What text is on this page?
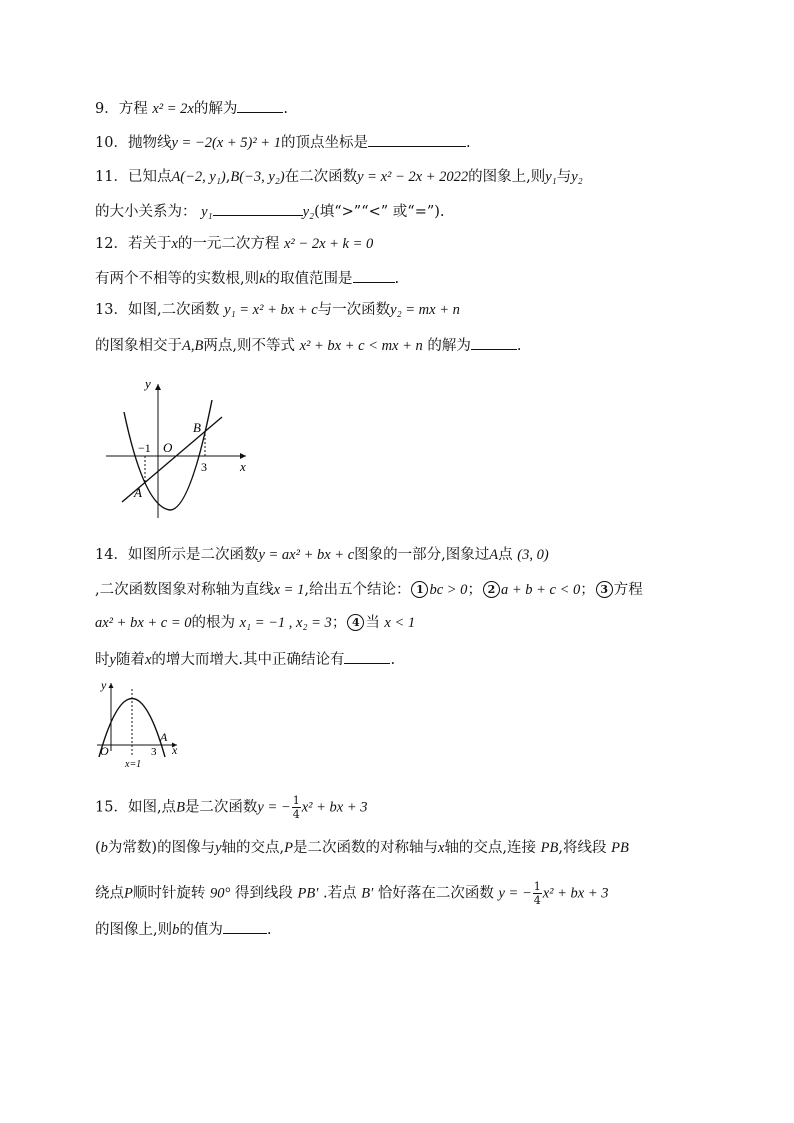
9．方程 x² = 2x的解为	.
10．抛物线y = −2(x + 5)² + 1的顶点坐标是	.
11．已知点A(−2, y₁),B(−3, y₂)在二次函数y = x² − 2x + 2022的图象上,则y₁与y₂
的大小关系为： y₁	y₂(填“>”“<” 或“=”).
12．若关于x的一元二次方程 x² − 2x + k = 0
有两个不相等的实数根,则k的取值范围是	.
13．如图,二次函数 y₁ = x² + bx + c与一次函数y₂ = mx + n
的图象相交于A,B两点,则不等式 x² + bx + c < mx + n 的解为	.
y
x
O
B
A
−1
3
14．如图所示是二次函数y = ax² + bx + c图象的一部分,图象过A点 (3, 0)
,二次函数图象对称轴为直线x = 1,给出五个结论： 1 bc > 0； 2 a + b + c < 0； 3 方程
ax² + bx + c = 0的根为 x₁ = −1 , x₂ = 3； 4 当 x < 1
时y随着x的增大而增大.其中正确结论有	.
y
x
O
A
3
x=1
15．如图,点B是二次函数y = − $\frac{1}{4} x^2$ + bx + 3
(b为常数)的图像与y轴的交点,P是二次函数的对称轴与x轴的交点,连接 PB,将线段 PB
绕点P顺时针旋转 90° 得到线段 PB′ .若点 B′ 恰好落在二次函数 y = − $\frac{1}{4} x^2$ + bx + 3
的图像上,则b的值为	.
